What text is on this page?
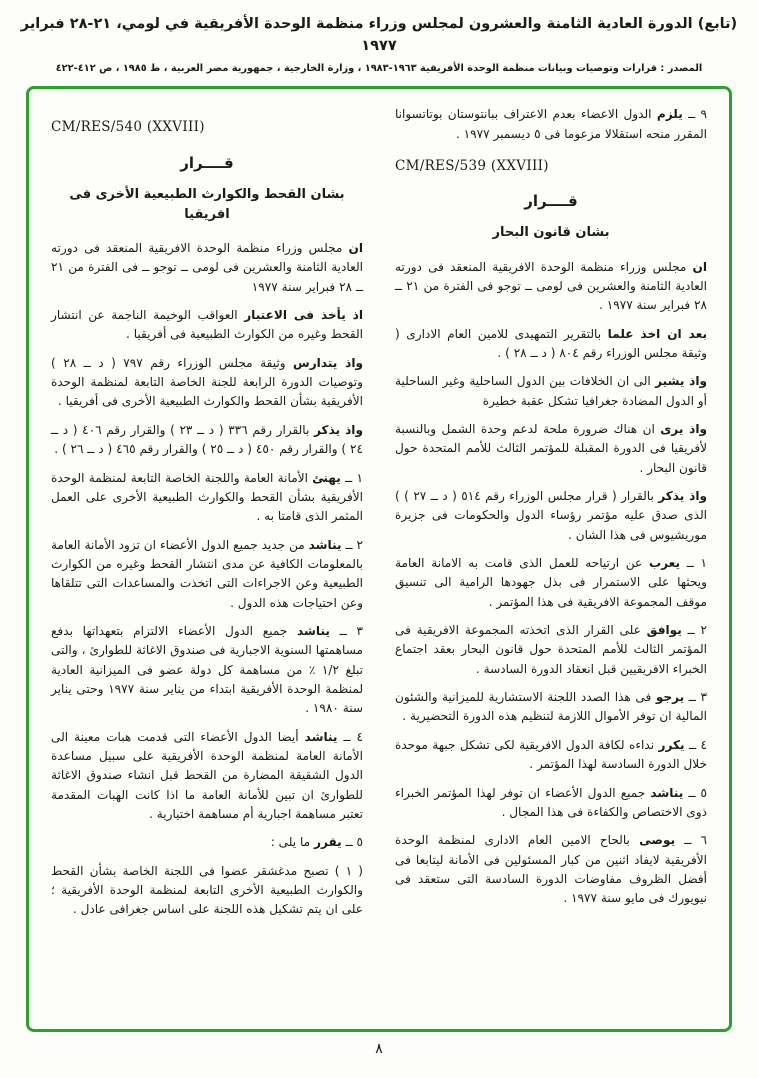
(تابع) الدورة العادية الثامنة والعشرون لمجلس وزراء منظمة الوحدة الأفريقية في لومي، ٢١-٢٨ فبراير ١٩٧٧
المصدر : قرارات وتوصيات وبيانات منظمة الوحدة الأفريقية ١٩٦٣-١٩٨٣ ، وزارة الخارجية ، جمهورية مصر العربية ، ط ١٩٨٥ ، ص ٤١٢-٤٢٢
٩ ــ يلزم الدول الاعضاء بعدم الاعتراف ببانتوستان بوتاتسوانا المقرر منحه استقلالا مزعوما فى ٥ ديسمبر ١٩٧٧ .
CM/RES/539 (XXVIII)
قــــرار
بشان قانون البحار
ان مجلس وزراء منظمة الوحدة الافريقية المنعقد فى دورته العادية الثامنة والعشرين فى لومى ــ توجو فى الفترة من ٢١ ــ ٢٨ فبراير سنة ١٩٧٧ .
بعد ان اخذ علما بالتقرير التمهيدى للامين العام الادارى ( وثيقة مجلس الوزراء رقم ٨٠٤ ( د ــ ٢٨ ) .
واذ يشير الى ان الخلافات بين الدول الساحلية وغير الساحلية أو الدول المضادة جغرافيا تشكل عقبة خطيرة
واذ يرى ان هناك ضرورة ملحة لدعم وحدة الشمل وبالنسبة لأفريقيا فى الدورة المقبلة للمؤتمر الثالث للأمم المتحدة حول قانون البحار .
واذ يذكر بالقرار ( قرار مجلس الوزراء رقم ٥١٤ ( د ــ ٢٧ ) ) الذى صدق عليه مؤتمر رؤساء الدول والحكومات فى جزيرة موريشيوس فى هذا الشان .
١ ــ يعرب عن ارتياحه للعمل الذى قامت به الامانة العامة ويحثها على الاستمرار فى بذل جهودها الرامية الى تنسيق موقف المجموعة الافريقية فى هذا المؤتمر .
٢ ــ يوافق على القرار الذى اتخذته المجموعة الافريقية فى المؤتمر الثالث للأمم المتحدة حول قانون البحار بعقد اجتماع الخبراء الافريقيين قبل انعقاد الدورة السادسة .
٣ ــ يرجو فى هذا الصدد اللجنة الاستشارية للميزانية والشئون المالية ان توفر الأموال اللازمة لتنظيم هذه الدورة التحضيرية .
٤ ــ يكرر نداءه لكافة الدول الافريقية لكى تشكل جبهة موحدة خلال الدورة السادسة لهذا المؤتمر .
٥ ــ يناشد جميع الدول الأعضاء ان توفر لهذا المؤتمر الخبراء ذوى الاختصاص والكفاءة فى هذا المجال .
٦ ــ يوصى بالحاح الامين العام الادارى لمنظمة الوحدة الأفريقية لايفاد اثنين من كبار المسئولين فى الأمانة ليتابعا فى أفضل الظروف مفاوضات الدورة السادسة التى ستعقد فى نيويورك فى مايو سنة ١٩٧٧ .
CM/RES/540 (XXVIII)
قــــرار
بشان القحط والكوارث الطبيعية الأخرى فى افريقيا
ان مجلس وزراء منظمة الوحدة الافريقية المنعقد فى دورته العادية الثامنة والعشرين فى لومى ــ توجو ــ فى الفترة من ٢١ ــ ٢٨ فبراير سنة ١٩٧٧
اذ يأخذ فى الاعتبار العواقب الوخيمة الناجمة عن انتشار القحط وغيره من الكوارث الطبيعية فى أفريقيا .
واذ يتدارس وثيقة مجلس الوزراء رقم ٧٩٧ ( د ــ ٢٨ ) وتوصيات الدورة الرابعة للجنة الخاصة التابعة لمنظمة الوحدة الأفريقية بشأن القحط والكوارث الطبيعية الأخرى فى أفريقيا .
واذ يذكر بالقرار رقم ٣٣٦ ( د ــ ٢٣ ) والقرار رقم ٤٠٦ ( د ــ ٢٤ ) والقرار رقم ٤٥٠ ( د ــ ٢٥ ) والقرار رقم ٤٦٥ ( د ــ ٢٦ ) .
١ ــ يهنئ الأمانة العامة واللجنة الخاصة التابعة لمنظمة الوحدة الأفريقية بشأن القحط والكوارث الطبيعية الأخرى على العمل المثمر الذى قامتا به .
٢ ــ يناشد من جديد جميع الدول الأعضاء ان تزود الأمانة العامة بالمعلومات الكافية عن مدى انتشار القحط وغيره من الكوارث الطبيعية وعن الاجراءات التى اتخذت والمساعدات التى تتلقاها وعن احتياجات هذه الدول .
٣ ــ يناشد جميع الدول الأعضاء الالتزام بتعهداتها بدفع مساهمتها السنوية الاجبارية فى صندوق الاغاثة للطوارئ ، والتى تبلغ ١/٢ ٪ من مساهمة كل دولة عضو فى الميزانية العادية لمنظمة الوحدة الأفريقية ابتداء من يناير سنة ١٩٧٧ وحتى يناير سنة ١٩٨٠ .
٤ ــ يناشد أيضا الدول الأعضاء التى قدمت هبات معينة الى الأمانة العامة لمنظمة الوحدة الأفريقية على سبيل مساعدة الدول الشقيقة المضارة من القحط قبل انشاء صندوق الاغاثة للطوارئ ان تبين للأمانة العامة ما اذا كانت الهبات المقدمة تعتبر مساهمة اجبارية أم مساهمة اختيارية .
٥ ــ يقرر ما يلى :
( ١ ) تصبح مدغشقر عضوا فى اللجنة الخاصة بشأن القحط والكوارث الطبيعية الأخرى التابعة لمنظمة الوحدة الأفريقية ؛ على ان يتم تشكيل هذه اللجنة على اساس جغرافى عادل .
٨
